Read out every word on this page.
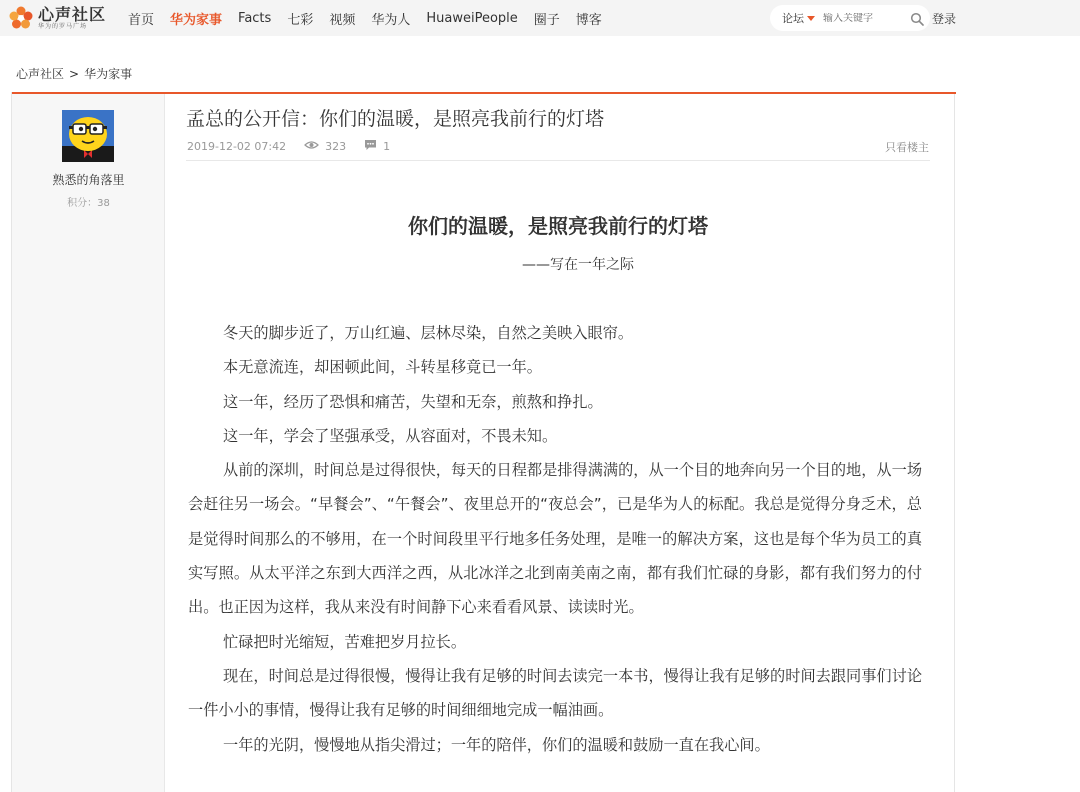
心声社区
华为的罗马广场	首页 华为家事 Facts 七彩 视频 华为人 HuaweiPeople 圈子 博客	论坛
输入关键字	登录
心声社区 > 华为家事
熟悉的角落里
积分：38
孟总的公开信：你们的温暖，是照亮我前行的灯塔
2019-12-02 07:42	323	1	只看楼主
你们的温暖，是照亮我前行的灯塔
——写在一年之际

冬天的脚步近了，万山红遍、层林尽染，自然之美映入眼帘。

本无意流连，却困顿此间，斗转星移竟已一年。

这一年，经历了恐惧和痛苦，失望和无奈，煎熬和挣扎。

这一年，学会了坚强承受，从容面对，不畏未知。

从前的深圳，时间总是过得很快，每天的日程都是排得满满的，从一个目的地奔向另一个目的地，从一场会赶往另一场会。“早餐会”、“午餐会”、夜里总开的“夜总会”，已是华为人的标配。我总是觉得分身乏术，总是觉得时间那么的不够用，在一个时间段里平行地多任务处理，是唯一的解决方案，这也是每个华为员工的真实写照。从太平洋之东到大西洋之西，从北冰洋之北到南美南之南，都有我们忙碌的身影，都有我们努力的付出。也正因为这样，我从来没有时间静下心来看看风景、读读时光。

忙碌把时光缩短，苦难把岁月拉长。

现在，时间总是过得很慢，慢得让我有足够的时间去读完一本书，慢得让我有足够的时间去跟同事们讨论一件小小的事情，慢得让我有足够的时间细细地完成一幅油画。

一年的光阴，慢慢地从指尖滑过；一年的陪伴，你们的温暖和鼓励一直在我心间。
